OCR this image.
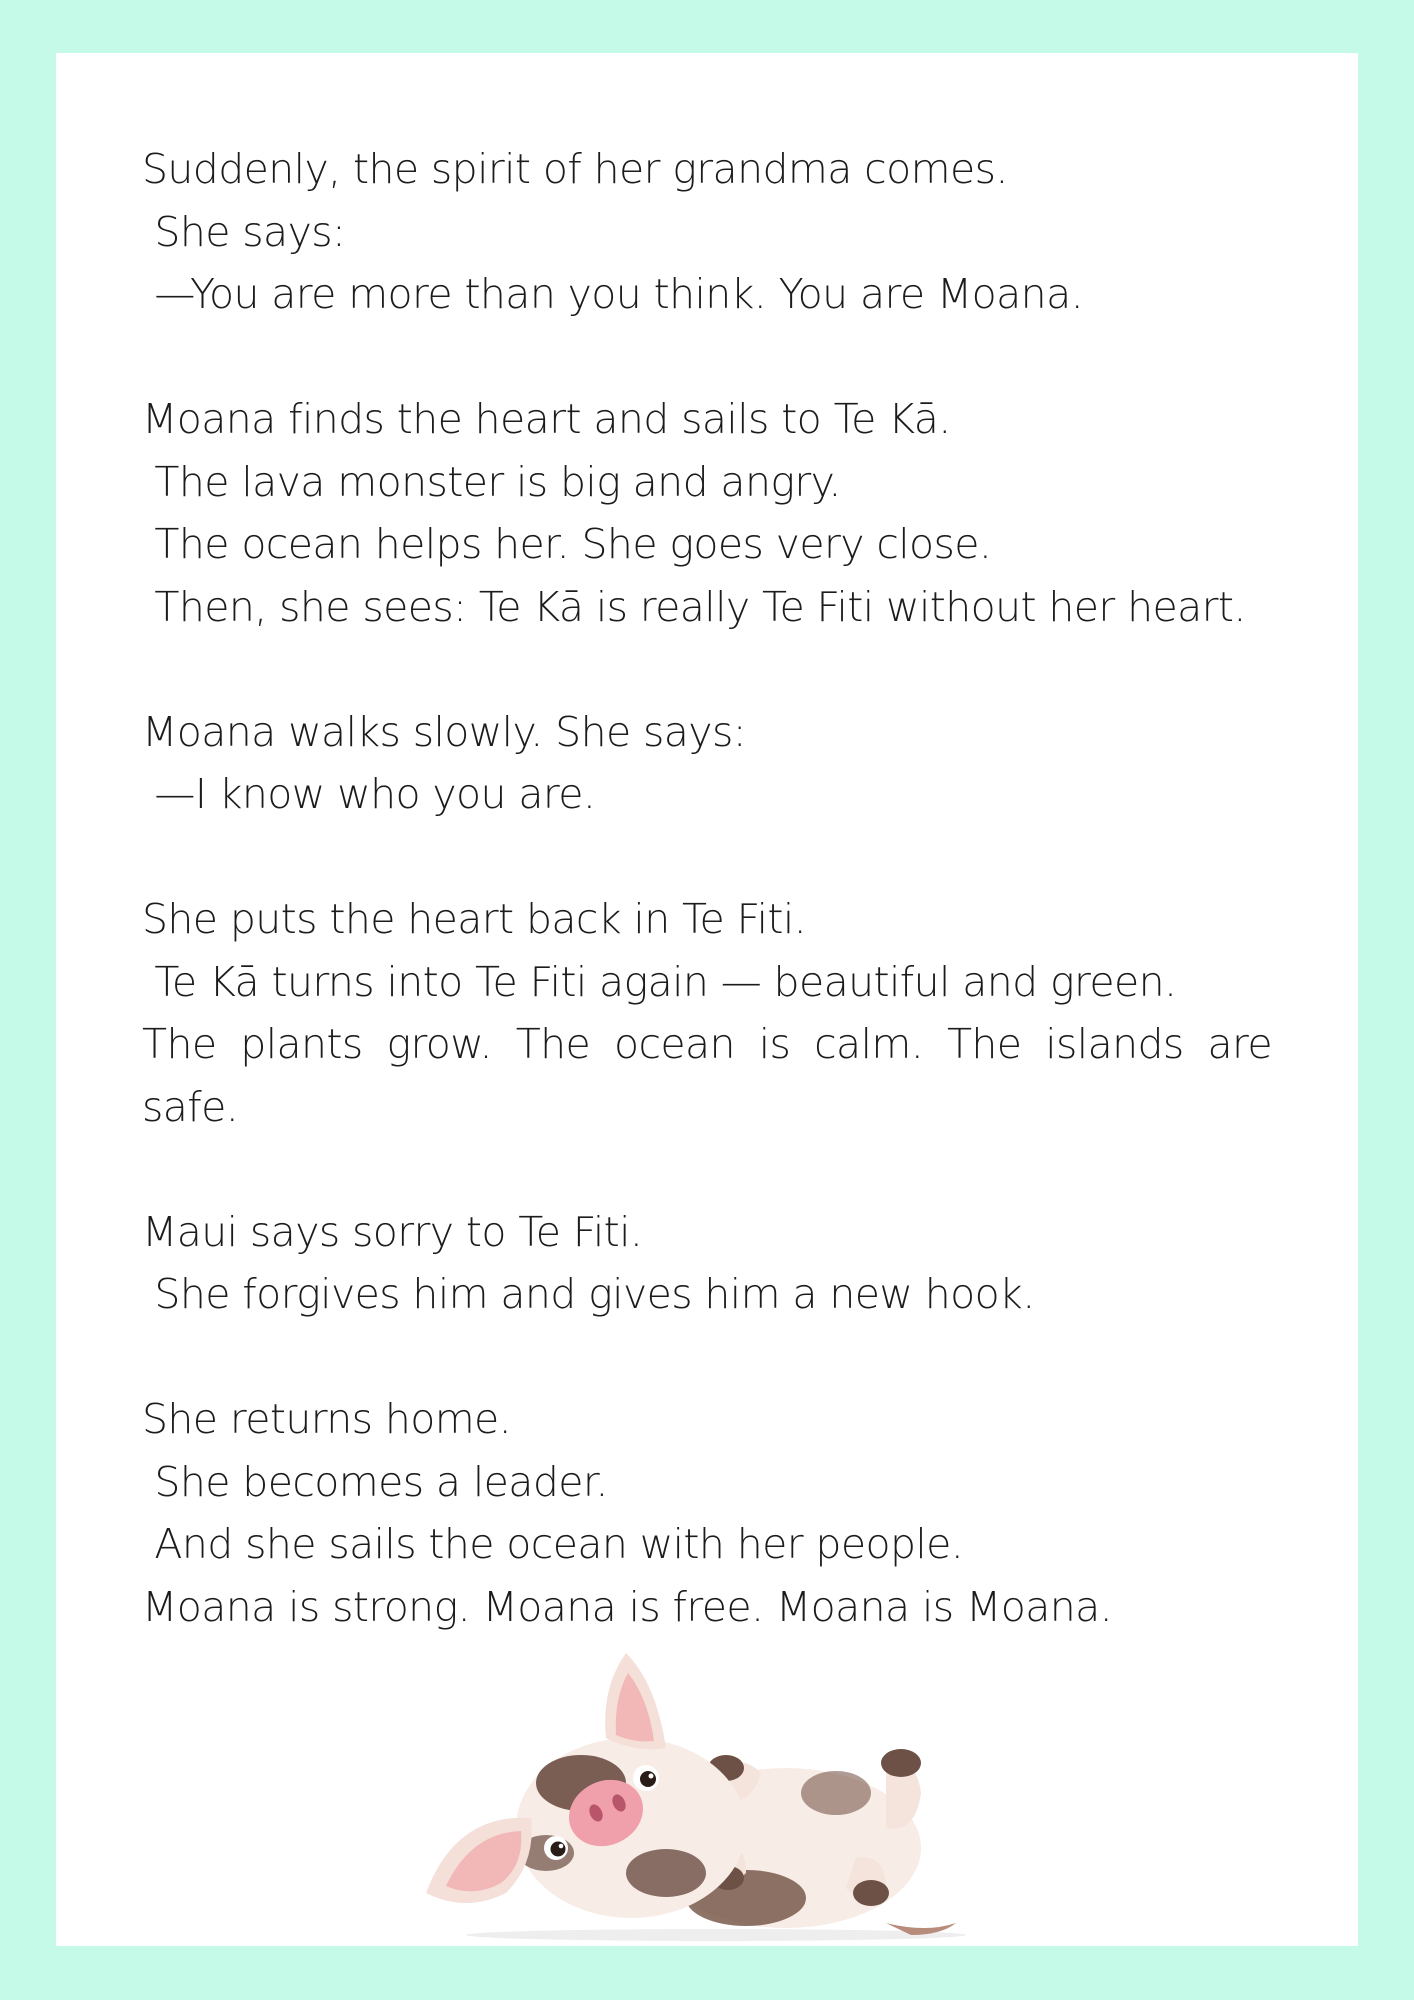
Suddenly, the spirit of her grandma comes.
She says:
—You are more than you think. You are Moana.
Moana finds the heart and sails to Te Kā.
The lava monster is big and angry.
The ocean helps her. She goes very close.
Then, she sees: Te Kā is really Te Fiti without her heart.
Moana walks slowly. She says:
—I know who you are.
She puts the heart back in Te Fiti.
Te Kā turns into Te Fiti again — beautiful and green.
The plants grow. The ocean is calm. The islands are safe.
Maui says sorry to Te Fiti.
She forgives him and gives him a new hook.
She returns home.
She becomes a leader.
And she sails the ocean with her people.
Moana is strong. Moana is free. Moana is Moana.
